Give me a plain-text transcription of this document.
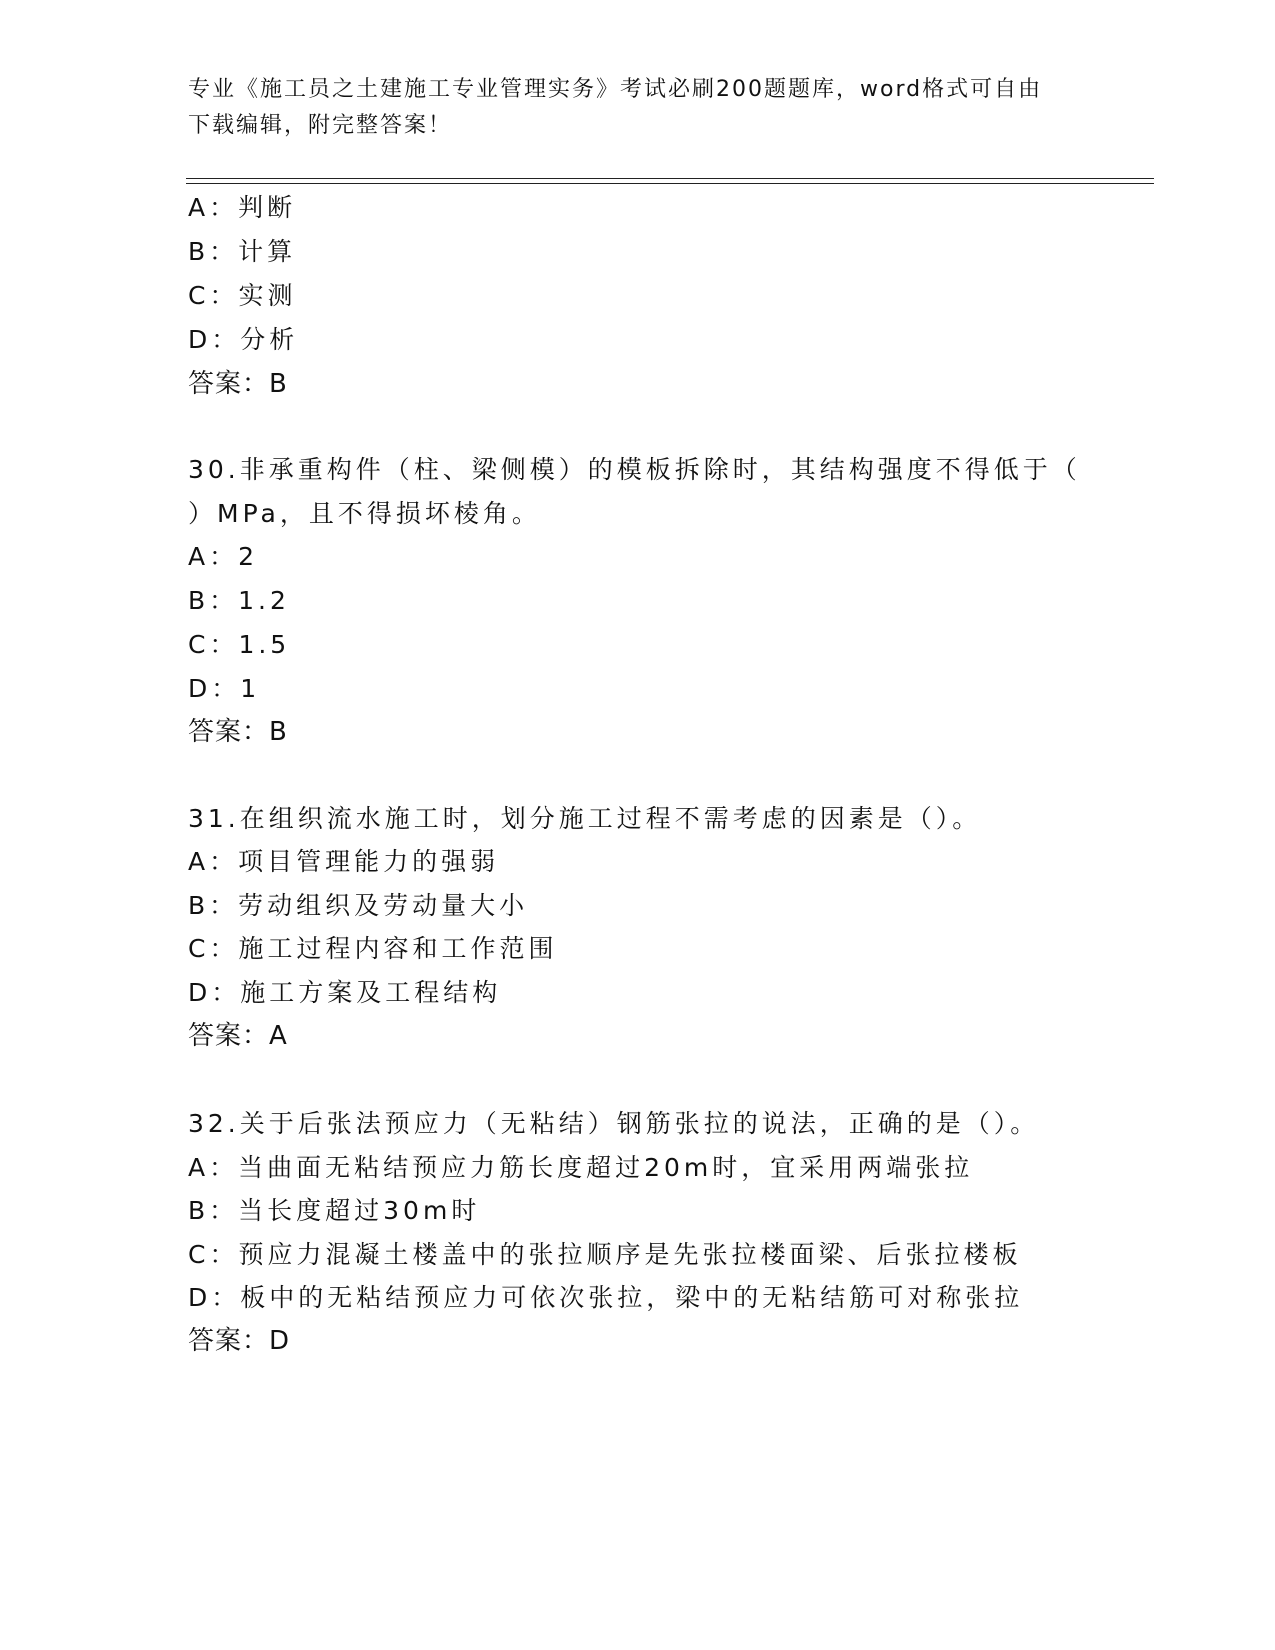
专业《施工员之土建施工专业管理实务》考试必刷200题题库，word格式可自由
下载编辑，附完整答案！
A：判断
B：计算
C：实测
D：分析
答案：B
30.非承重构件（柱、梁侧模）的模板拆除时，其结构强度不得低于（
）MPa，且不得损坏棱角。
A：2
B：1.2
C：1.5
D：1
答案：B
31.在组织流水施工时，划分施工过程不需考虑的因素是（）。
A：项目管理能力的强弱
B：劳动组织及劳动量大小
C：施工过程内容和工作范围
D：施工方案及工程结构
答案：A
32.关于后张法预应力（无粘结）钢筋张拉的说法，正确的是（）。
A：当曲面无粘结预应力筋长度超过20m时，宜采用两端张拉
B：当长度超过30m时
C：预应力混凝土楼盖中的张拉顺序是先张拉楼面梁、后张拉楼板
D：板中的无粘结预应力可依次张拉，梁中的无粘结筋可对称张拉
答案：D
